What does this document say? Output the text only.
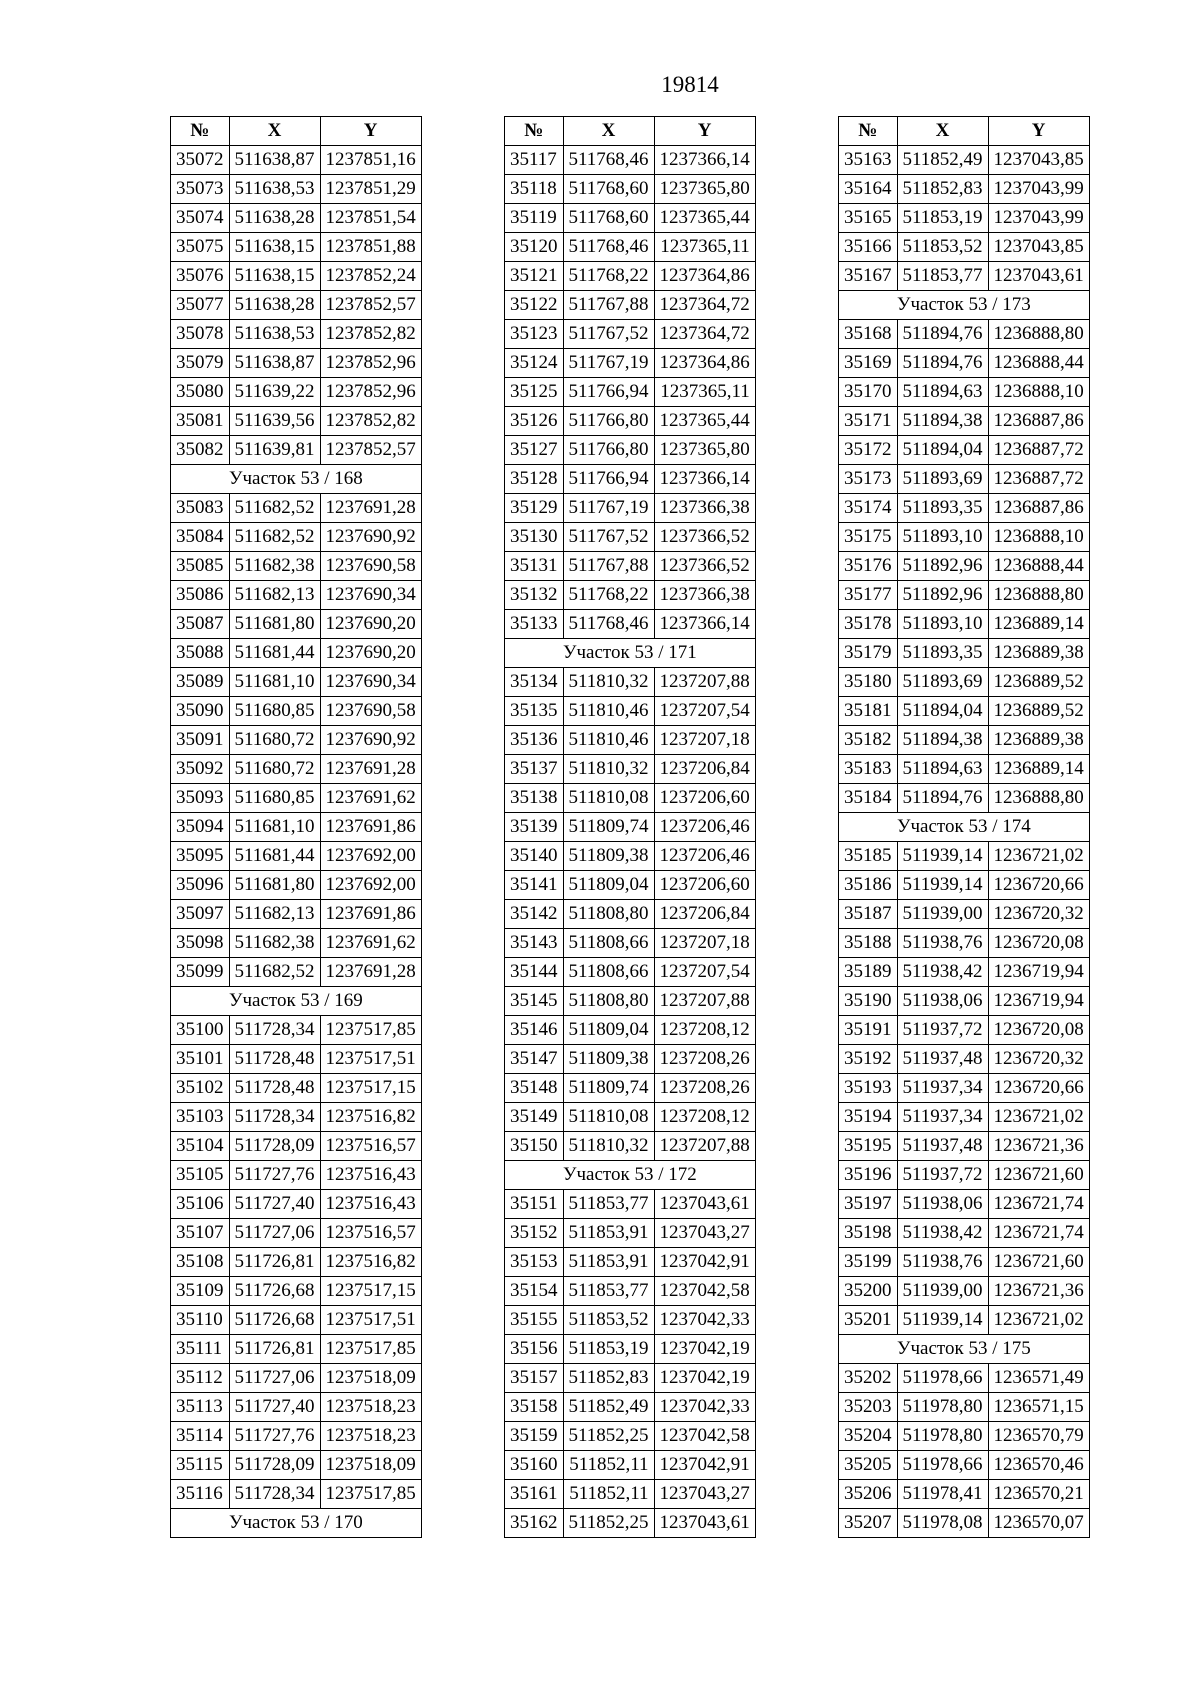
19814
№	X	Y
35072	511638,87	1237851,16
35073	511638,53	1237851,29
35074	511638,28	1237851,54
35075	511638,15	1237851,88
35076	511638,15	1237852,24
35077	511638,28	1237852,57
35078	511638,53	1237852,82
35079	511638,87	1237852,96
35080	511639,22	1237852,96
35081	511639,56	1237852,82
35082	511639,81	1237852,57
Участок 53 / 168		
35083	511682,52	1237691,28
35084	511682,52	1237690,92
35085	511682,38	1237690,58
35086	511682,13	1237690,34
35087	511681,80	1237690,20
35088	511681,44	1237690,20
35089	511681,10	1237690,34
35090	511680,85	1237690,58
35091	511680,72	1237690,92
35092	511680,72	1237691,28
35093	511680,85	1237691,62
35094	511681,10	1237691,86
35095	511681,44	1237692,00
35096	511681,80	1237692,00
35097	511682,13	1237691,86
35098	511682,38	1237691,62
35099	511682,52	1237691,28
Участок 53 / 169		
35100	511728,34	1237517,85
35101	511728,48	1237517,51
35102	511728,48	1237517,15
35103	511728,34	1237516,82
35104	511728,09	1237516,57
35105	511727,76	1237516,43
35106	511727,40	1237516,43
35107	511727,06	1237516,57
35108	511726,81	1237516,82
35109	511726,68	1237517,15
35110	511726,68	1237517,51
35111	511726,81	1237517,85
35112	511727,06	1237518,09
35113	511727,40	1237518,23
35114	511727,76	1237518,23
35115	511728,09	1237518,09
35116	511728,34	1237517,85
Участок 53 / 170		
№	X	Y
35117	511768,46	1237366,14
35118	511768,60	1237365,80
35119	511768,60	1237365,44
35120	511768,46	1237365,11
35121	511768,22	1237364,86
35122	511767,88	1237364,72
35123	511767,52	1237364,72
35124	511767,19	1237364,86
35125	511766,94	1237365,11
35126	511766,80	1237365,44
35127	511766,80	1237365,80
35128	511766,94	1237366,14
35129	511767,19	1237366,38
35130	511767,52	1237366,52
35131	511767,88	1237366,52
35132	511768,22	1237366,38
35133	511768,46	1237366,14
Участок 53 / 171		
35134	511810,32	1237207,88
35135	511810,46	1237207,54
35136	511810,46	1237207,18
35137	511810,32	1237206,84
35138	511810,08	1237206,60
35139	511809,74	1237206,46
35140	511809,38	1237206,46
35141	511809,04	1237206,60
35142	511808,80	1237206,84
35143	511808,66	1237207,18
35144	511808,66	1237207,54
35145	511808,80	1237207,88
35146	511809,04	1237208,12
35147	511809,38	1237208,26
35148	511809,74	1237208,26
35149	511810,08	1237208,12
35150	511810,32	1237207,88
Участок 53 / 172		
35151	511853,77	1237043,61
35152	511853,91	1237043,27
35153	511853,91	1237042,91
35154	511853,77	1237042,58
35155	511853,52	1237042,33
35156	511853,19	1237042,19
35157	511852,83	1237042,19
35158	511852,49	1237042,33
35159	511852,25	1237042,58
35160	511852,11	1237042,91
35161	511852,11	1237043,27
35162	511852,25	1237043,61
№	X	Y
35163	511852,49	1237043,85
35164	511852,83	1237043,99
35165	511853,19	1237043,99
35166	511853,52	1237043,85
35167	511853,77	1237043,61
Участок 53 / 173		
35168	511894,76	1236888,80
35169	511894,76	1236888,44
35170	511894,63	1236888,10
35171	511894,38	1236887,86
35172	511894,04	1236887,72
35173	511893,69	1236887,72
35174	511893,35	1236887,86
35175	511893,10	1236888,10
35176	511892,96	1236888,44
35177	511892,96	1236888,80
35178	511893,10	1236889,14
35179	511893,35	1236889,38
35180	511893,69	1236889,52
35181	511894,04	1236889,52
35182	511894,38	1236889,38
35183	511894,63	1236889,14
35184	511894,76	1236888,80
Участок 53 / 174		
35185	511939,14	1236721,02
35186	511939,14	1236720,66
35187	511939,00	1236720,32
35188	511938,76	1236720,08
35189	511938,42	1236719,94
35190	511938,06	1236719,94
35191	511937,72	1236720,08
35192	511937,48	1236720,32
35193	511937,34	1236720,66
35194	511937,34	1236721,02
35195	511937,48	1236721,36
35196	511937,72	1236721,60
35197	511938,06	1236721,74
35198	511938,42	1236721,74
35199	511938,76	1236721,60
35200	511939,00	1236721,36
35201	511939,14	1236721,02
Участок 53 / 175		
35202	511978,66	1236571,49
35203	511978,80	1236571,15
35204	511978,80	1236570,79
35205	511978,66	1236570,46
35206	511978,41	1236570,21
35207	511978,08	1236570,07
